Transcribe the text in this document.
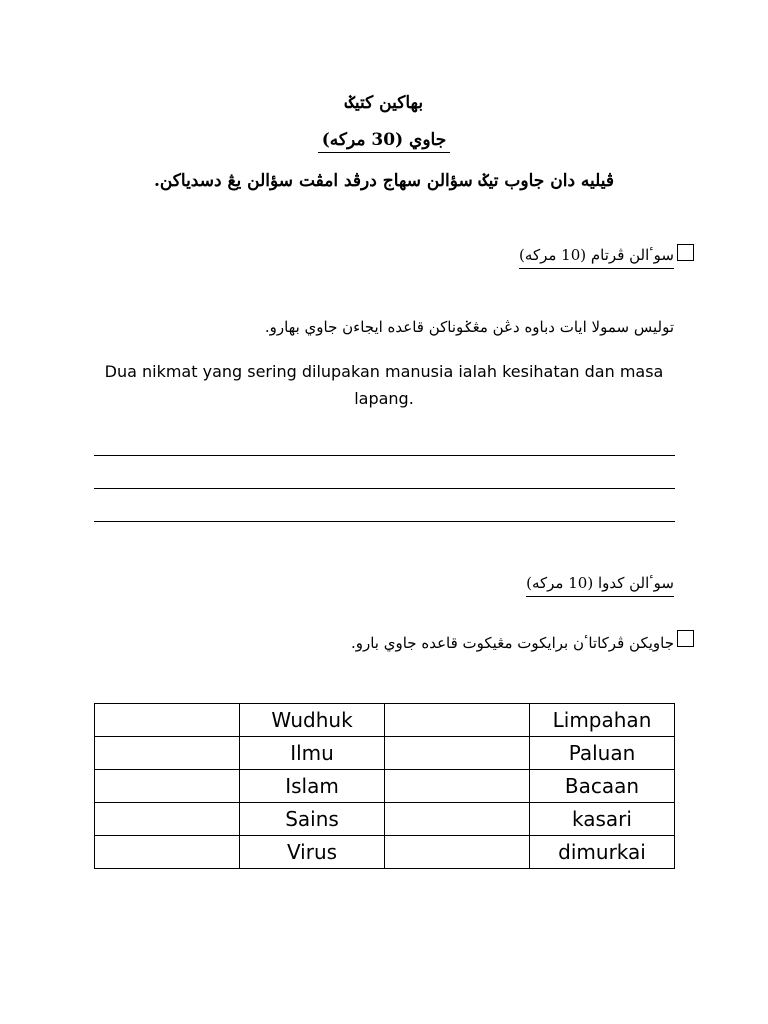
بهاكين كتيݢ
جاوي (30 مركه)
ڤيليه دان جاوب تيݢ سؤالن سهاج درڤد امڤت سؤالن يڠ دسدياكن.
سوٴالن ڤرتام (10 مركه)
توليس سمولا ايات دباوه دڠن مڠݢوناكن قاعده ايجاءن جاوي بهارو.
Dua nikmat yang sering dilupakan manusia ialah kesihatan dan masa lapang.
سوٴالن كدوا (10 مركه)
جاويكن ڤركاتاٴن برايكوت مڠيكوت قاعده جاوي بارو.
	Wudhuk		Limpahan
	Ilmu		Paluan
	Islam		Bacaan
	Sains		kasari
	Virus		dimurkai
